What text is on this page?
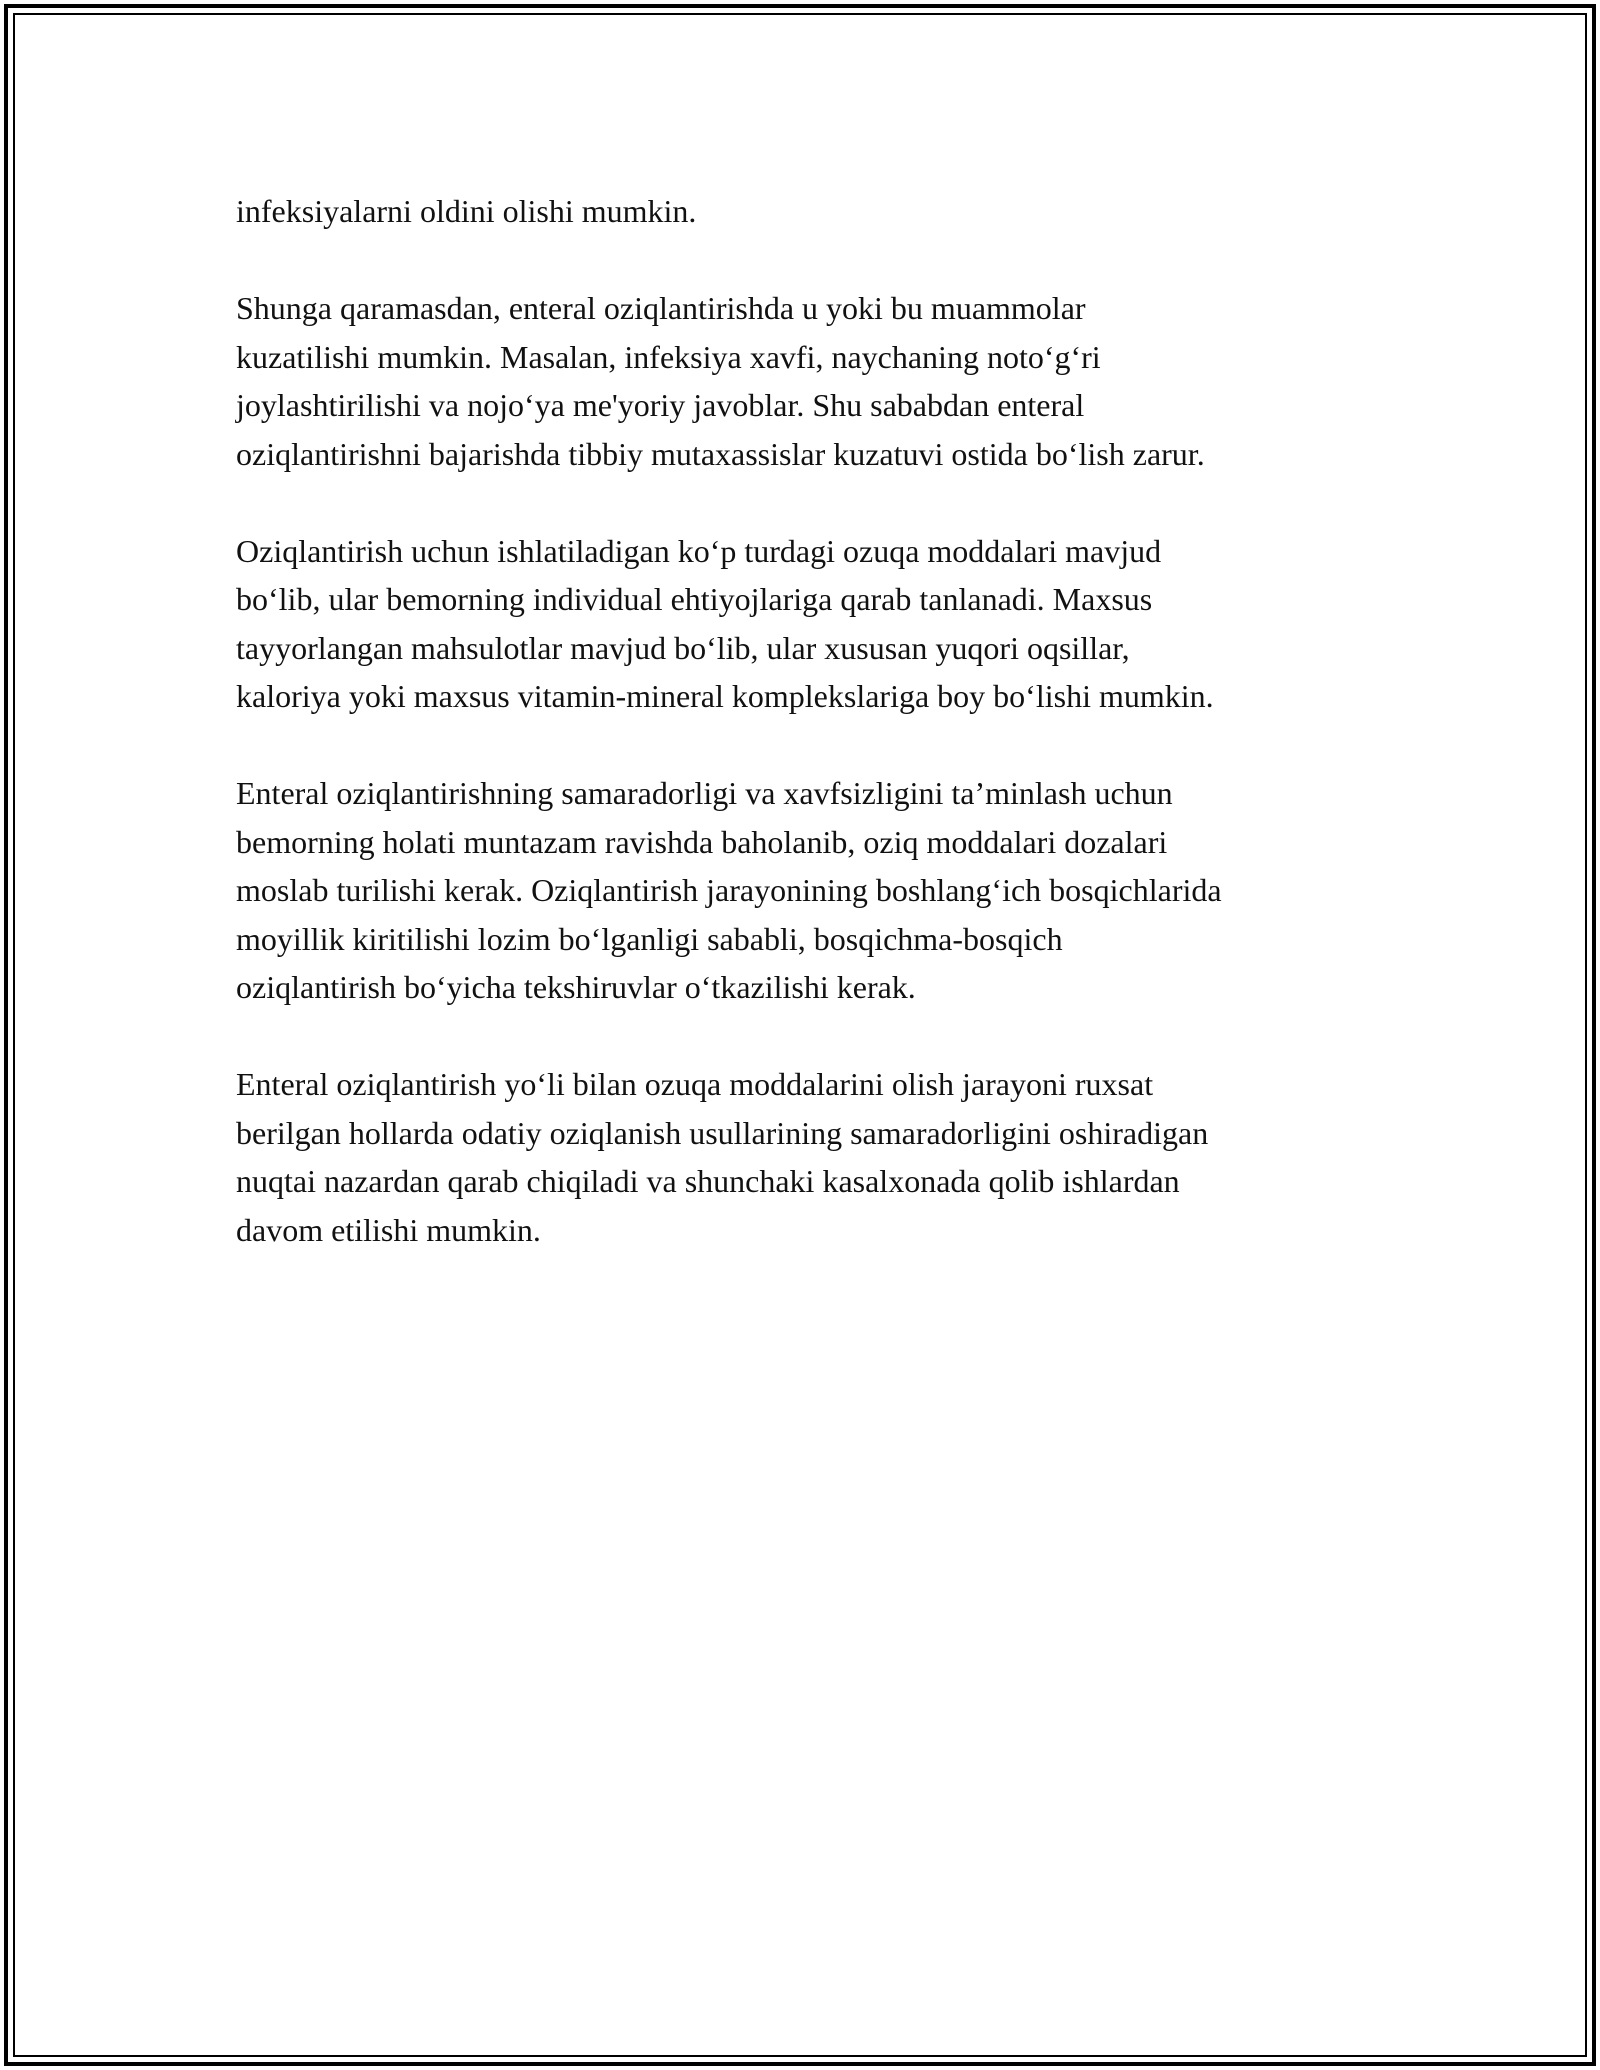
infeksiyalarni oldini olishi mumkin.

Shunga qaramasdan, enteral oziqlantirishda u yoki bu muammolar
kuzatilishi mumkin. Masalan, infeksiya xavfi, naychaning noto‘g‘ri
joylashtirilishi va nojo‘ya me'yoriy javoblar. Shu sababdan enteral
oziqlantirishni bajarishda tibbiy mutaxassislar kuzatuvi ostida bo‘lish zarur.

Oziqlantirish uchun ishlatiladigan ko‘p turdagi ozuqa moddalari mavjud
bo‘lib, ular bemorning individual ehtiyojlariga qarab tanlanadi. Maxsus
tayyorlangan mahsulotlar mavjud bo‘lib, ular xususan yuqori oqsillar,
kaloriya yoki maxsus vitamin-mineral komplekslariga boy bo‘lishi mumkin.

Enteral oziqlantirishning samaradorligi va xavfsizligini ta’minlash uchun
bemorning holati muntazam ravishda baholanib, oziq moddalari dozalari
moslab turilishi kerak. Oziqlantirish jarayonining boshlang‘ich bosqichlarida
moyillik kiritilishi lozim bo‘lganligi sababli, bosqichma-bosqich
oziqlantirish bo‘yicha tekshiruvlar o‘tkazilishi kerak.

Enteral oziqlantirish yo‘li bilan ozuqa moddalarini olish jarayoni ruxsat
berilgan hollarda odatiy oziqlanish usullarining samaradorligini oshiradigan
nuqtai nazardan qarab chiqiladi va shunchaki kasalxonada qolib ishlardan
davom etilishi mumkin.
